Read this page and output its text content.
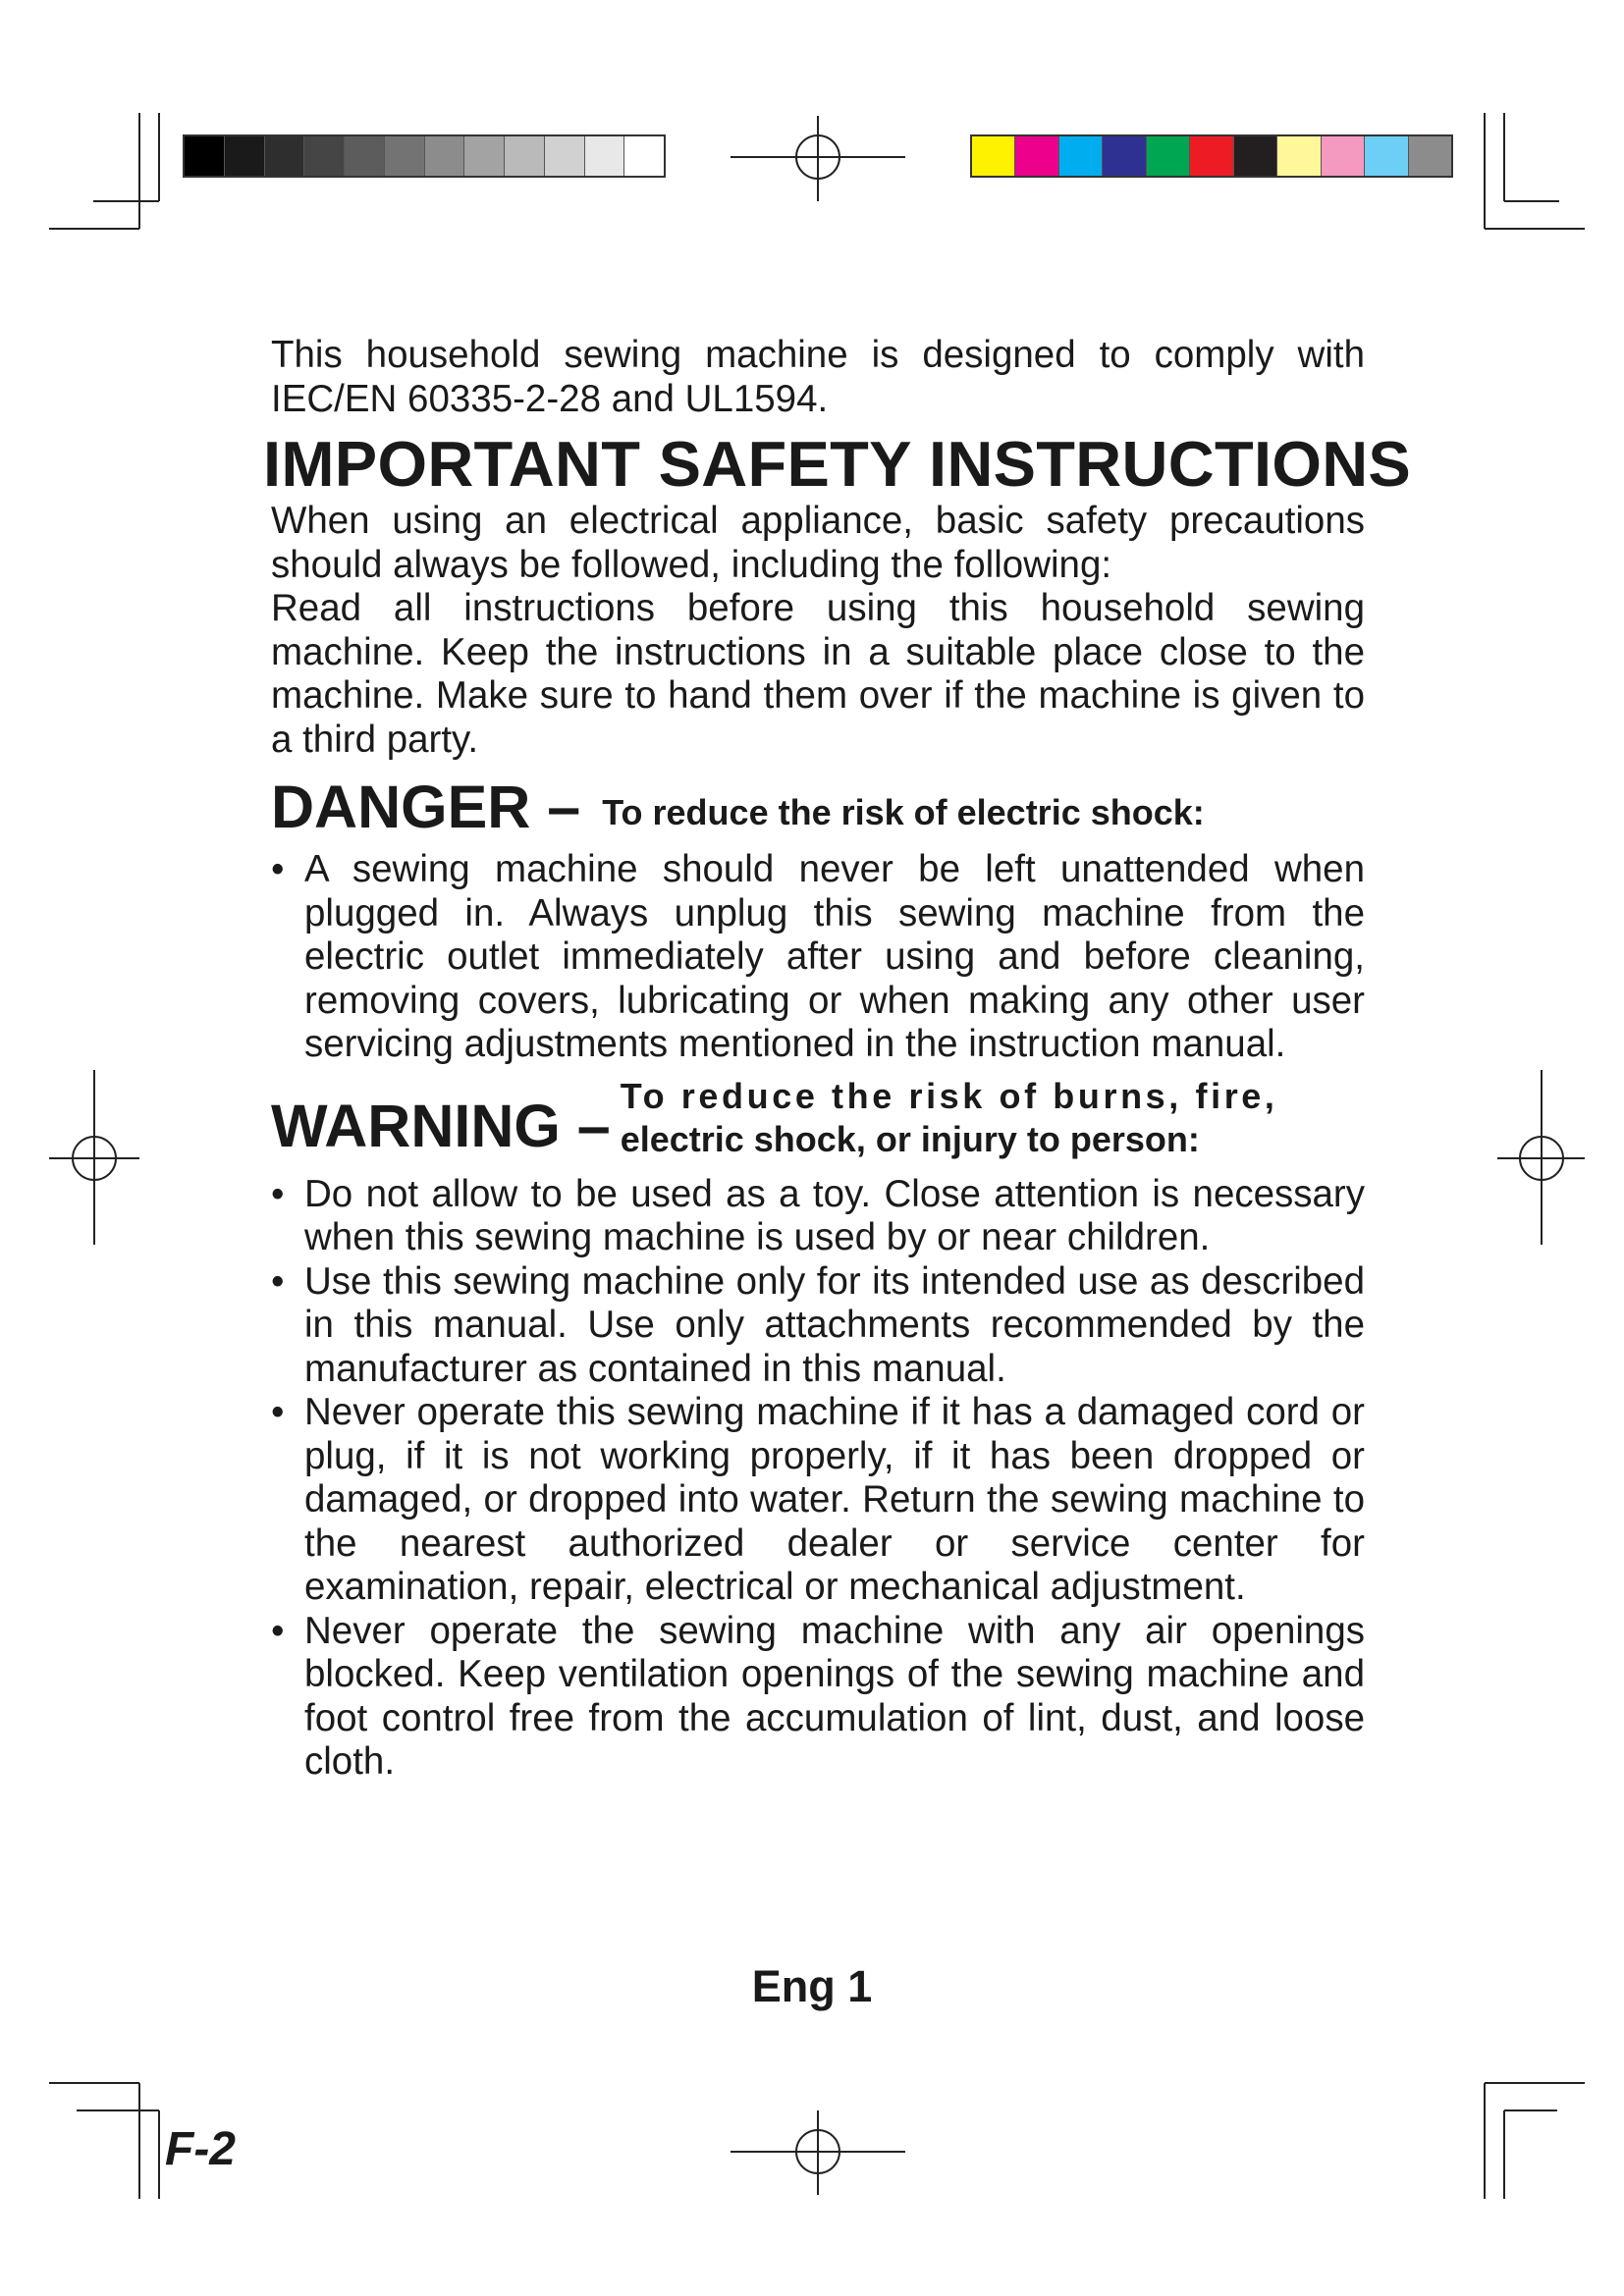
This household sewing machine is designed to comply with IEC/EN 60335-2-28 and UL1594.

IMPORTANT SAFETY INSTRUCTIONS

When using an electrical appliance, basic safety precautions should always be followed, including the following:

Read all instructions before using this household sewing machine. Keep the instructions in a suitable place close to the machine. Make sure to hand them over if the machine is given to a third party.

DANGER – To reduce the risk of electric shock:
• A sewing machine should never be left unattended when plugged in. Always unplug this sewing machine from the electric outlet immediately after using and before cleaning, removing covers, lubricating or when making any other user servicing adjustments mentioned in the instruction manual.
WARNING – To reduce the risk of burns, fire,
electric shock, or injury to person:
• Do not allow to be used as a toy. Close attention is necessary when this sewing machine is used by or near children.
• Use this sewing machine only for its intended use as described in this manual. Use only attachments recommended by the manufacturer as contained in this manual.
• Never operate this sewing machine if it has a damaged cord or plug, if it is not working properly, if it has been dropped or damaged, or dropped into water. Return the sewing machine to the nearest authorized dealer or service center for examination, repair, electrical or mechanical adjustment.
• Never operate the sewing machine with any air openings blocked. Keep ventilation openings of the sewing machine and foot control free from the accumulation of lint, dust, and loose cloth.
Eng 1
F-2
